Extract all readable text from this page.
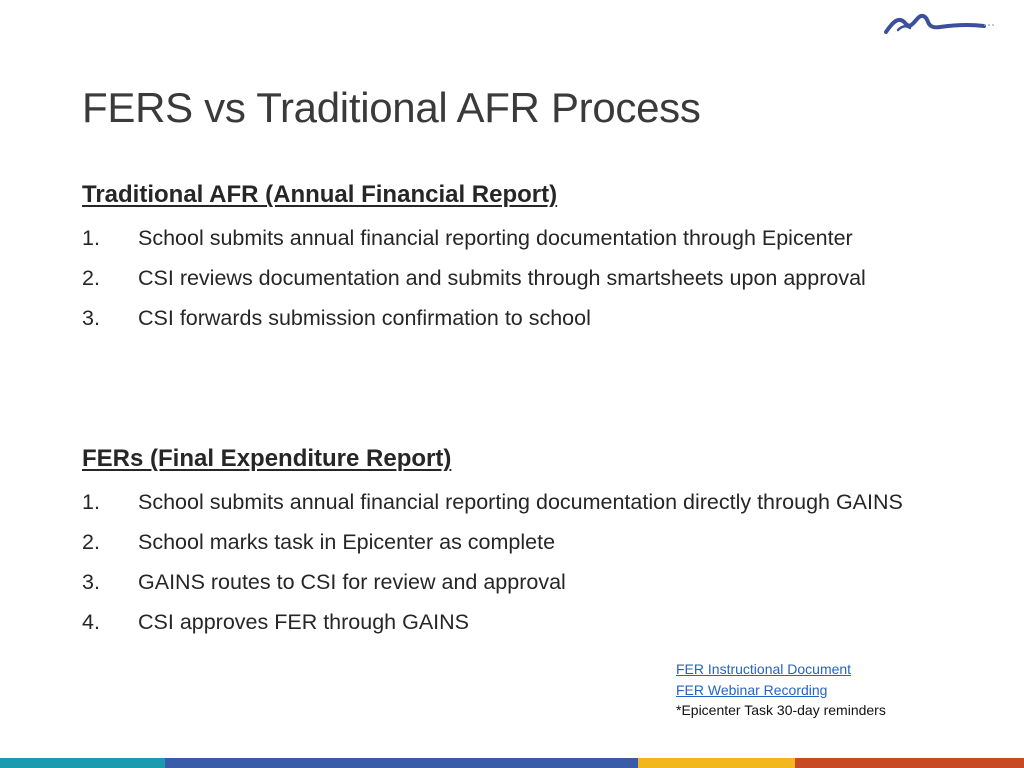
FERS vs Traditional AFR Process
Traditional AFR (Annual Financial Report)
1. School submits annual financial reporting documentation through Epicenter
2. CSI reviews documentation and submits through smartsheets upon approval
3. CSI forwards submission confirmation to school
FERs (Final Expenditure Report)
1. School submits annual financial reporting documentation directly through GAINS
2. School marks task in Epicenter as complete
3. GAINS routes to CSI for review and approval
4. CSI approves FER through GAINS
FER Instructional Document
FER Webinar Recording
*Epicenter Task 30-day reminders
